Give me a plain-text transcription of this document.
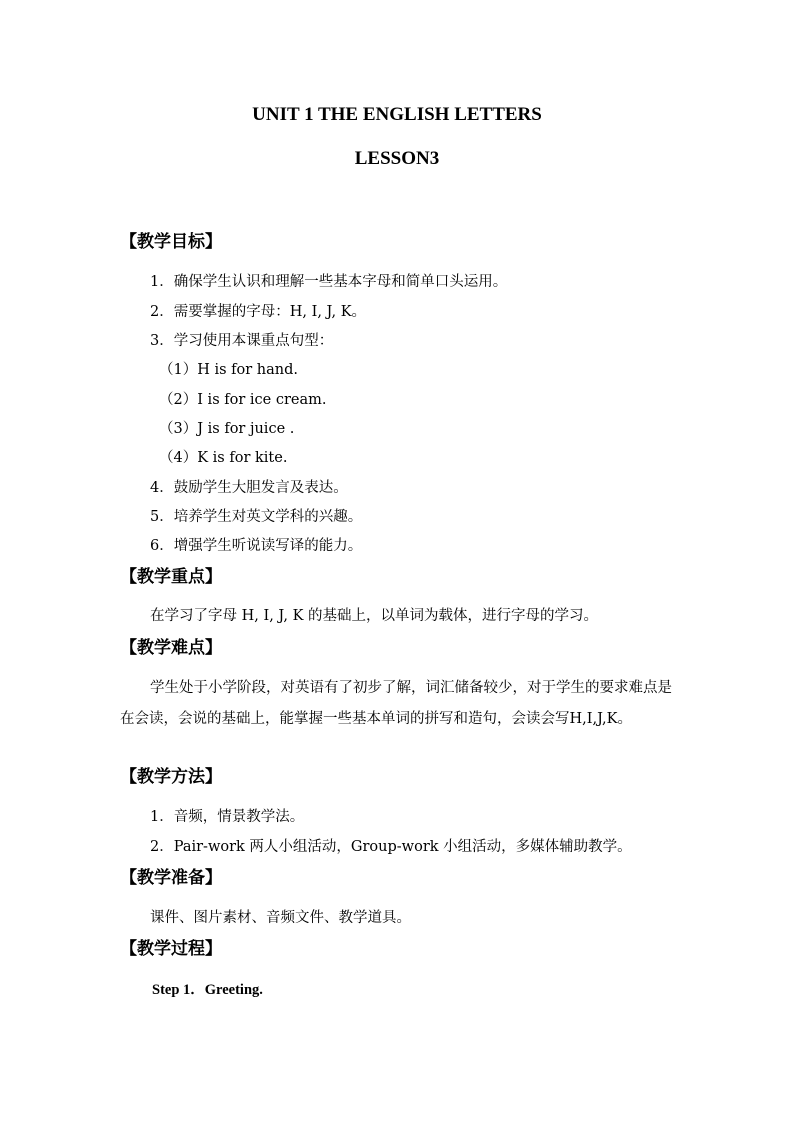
UNIT 1 THE ENGLISH LETTERS
LESSON3
【教学目标】
1．确保学生认识和理解一些基本字母和简单口头运用。
2．需要掌握的字母：H, I, J, K。
3．学习使用本课重点句型：
（1）H is for hand.
（2）I is for ice cream.
（3）J is for juice .
（4）K is for kite.
4．鼓励学生大胆发言及表达。
5．培养学生对英文学科的兴趣。
6．增强学生听说读写译的能力。
【教学重点】
在学习了字母 H, I, J, K 的基础上，以单词为载体，进行字母的学习。
【教学难点】
学生处于小学阶段，对英语有了初步了解，词汇储备较少，对于学生的要求难点是在会读，会说的基础上，能掌握一些基本单词的拼写和造句，会读会写H,I,J,K。
【教学方法】
1．音频，情景教学法。
2．Pair-work 两人小组活动，Group-work 小组活动，多媒体辅助教学。
【教学准备】
课件、图片素材、音频文件、教学道具。
【教学过程】
Step 1．Greeting.
